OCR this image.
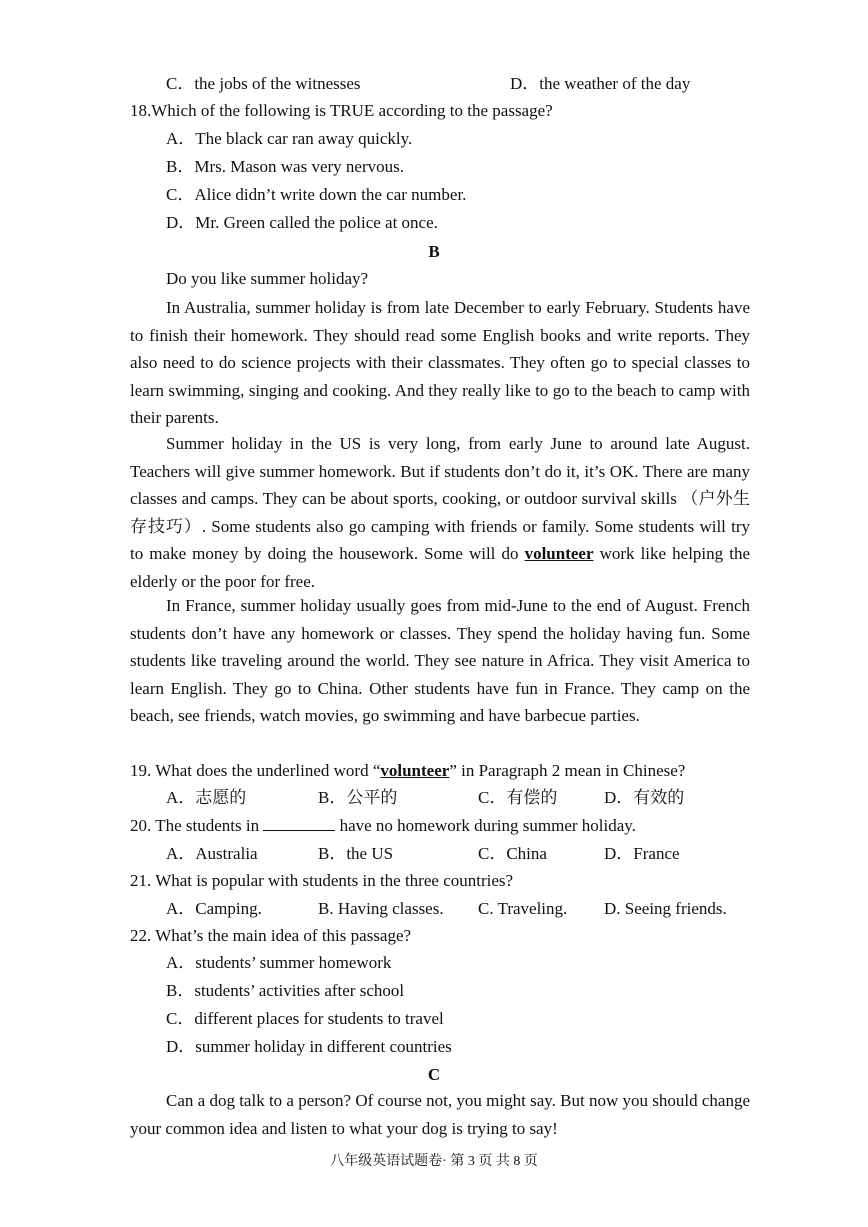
C．the jobs of the witnesses	D．the weather of the day
18.Which of the following is TRUE according to the passage?
A．The black car ran away quickly.
B．Mrs. Mason was very nervous.
C．Alice didn’t write down the car number.
D．Mr. Green called the police at once.
B
Do you like summer holiday?
In Australia, summer holiday is from late December to early February. Students have to finish their homework. They should read some English books and write reports. They also need to do science projects with their classmates. They often go to special classes to learn swimming, singing and cooking. And they really like to go to the beach to camp with their parents.
Summer holiday in the US is very long, from early June to around late August. Teachers will give summer homework. But if students don’t do it, it’s OK. There are many classes and camps. They can be about sports, cooking, or outdoor survival skills （户外生存技巧）. Some students also go camping with friends or family. Some students will try to make money by doing the housework. Some will do volunteer work like helping the elderly or the poor for free.
In France, summer holiday usually goes from mid-June to the end of August. French students don’t have any homework or classes. They spend the holiday having fun. Some students like traveling around the world. They see nature in Africa. They visit America to learn English. They go to China. Other students have fun in France. They camp on the beach, see friends, watch movies, go swimming and have barbecue parties.
19. What does the underlined word “volunteer” in Paragraph 2 mean in Chinese?
A．志愿的	B．公平的	C．有偿的	D．有效的
20. The students in	have no homework during summer holiday.
A．Australia	B．the US	C．China	D．France
21. What is popular with students in the three countries?
A．Camping.	B. Having classes. C. Traveling. D. Seeing friends.
22. What’s the main idea of this passage?
A．students’ summer homework
B．students’ activities after school
C．different places for students to travel
D．summer holiday in different countries
C
Can a dog talk to a person? Of course not, you might say. But now you should change your common idea and listen to what your dog is trying to say!
八年级英语试题卷· 第 3 页 共 8 页
